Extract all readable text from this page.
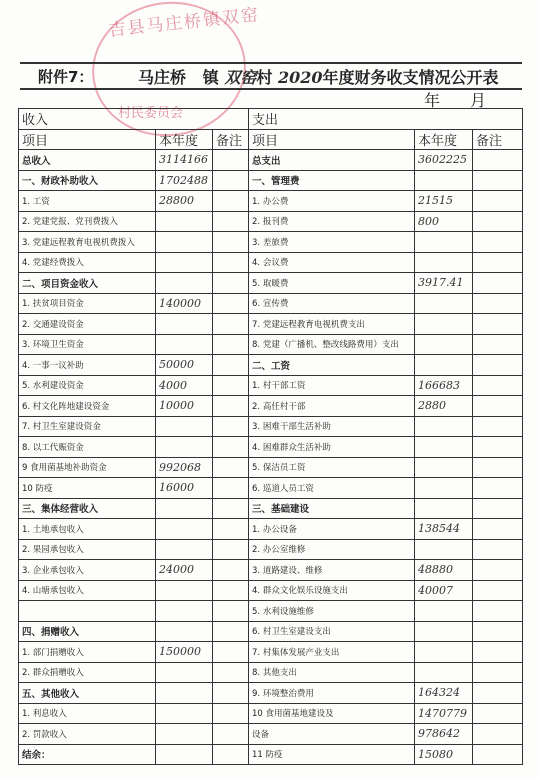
吉县马庄桥镇双窑
村民委员会
附件7：	马庄桥 镇 双窑村 2020年度财务收支情况公开表
年 月
收入			支出		
项目	本年度	备注	项目	本年度	备注
总收入	3114166		总支出	3602225	
一、财政补助收入	1702488		一、管理费		
1. 工资	28800		1. 办公费	21515	
2. 党建党报、党刊费拨入			2. 报刊费	800	
3. 党建远程教育电视机费拨入			3. 差旅费		
4. 党建经费拨入			4. 会议费		
二、项目资金收入			5. 取暖费	3917.41	
1. 扶贫项目资金	140000		6. 宣传费		
2. 交通建设资金			7. 党建远程教育电视机费支出		
3. 环境卫生资金			8. 党建（广播机、整改线路费用）支出		
4. 一事一议补助	50000		二、工资		
5. 水利建设资金	4000		1. 村干部工资	166683	
6. 村文化阵地建设资金	10000		2. 高任村干部	2880	
7. 村卫生室建设资金			3. 困难干部生活补助		
8. 以工代赈资金			4. 困难群众生活补助		
9 食用菌基地补助资金	992068		5. 保洁员工资		
10 防疫	16000		6. 巡道人员工资		
三、集体经营收入			三、基础建设		
1. 土地承包收入			1. 办公设备	138544	
2. 果园承包收入			2. 办公室维修		
3. 企业承包收入	24000		3. 道路建设、维修	48880	
4. 山塘承包收入			4. 群众文化娱乐设施支出	40007	
			5. 水利设施维修		
四、捐赠收入			6. 村卫生室建设支出		
1. 部门捐赠收入	150000		7. 村集体发展产业支出		
2. 群众捐赠收入			8. 其他支出		
五、其他收入			9. 环境整治费用	164324	
1. 利息收入			10 食用菌基地建设及	1470779	
2. 罚款收入			设备	978642	
结余：			11 防疫	15080	
